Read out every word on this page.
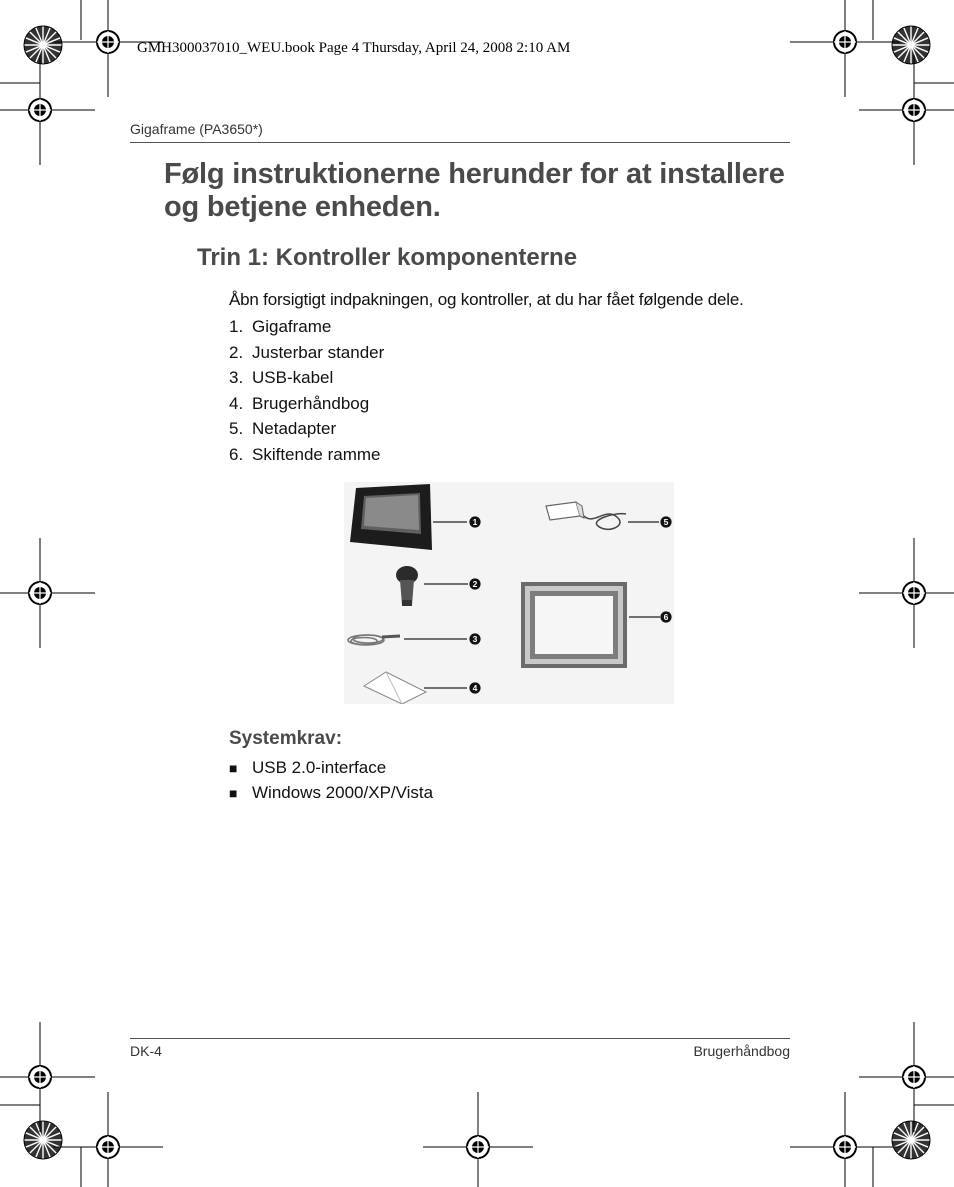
GMH300037010_WEU.book Page 4 Thursday, April 24, 2008 2:10 AM
Gigaframe (PA3650*)
Følg instruktionerne herunder for at installere og betjene enheden.
Trin 1: Kontroller komponenterne
Åbn forsigtigt indpakningen, og kontroller, at du har fået følgende dele.
1. Gigaframe
2. Justerbar stander
3. USB-kabel
4. Brugerhåndbog
5. Netadapter
6. Skiftende ramme
1
2
3
4
5
6
Systemkrav:
■ USB 2.0-interface
■ Windows 2000/XP/Vista
DK-4	Brugerhåndbog
